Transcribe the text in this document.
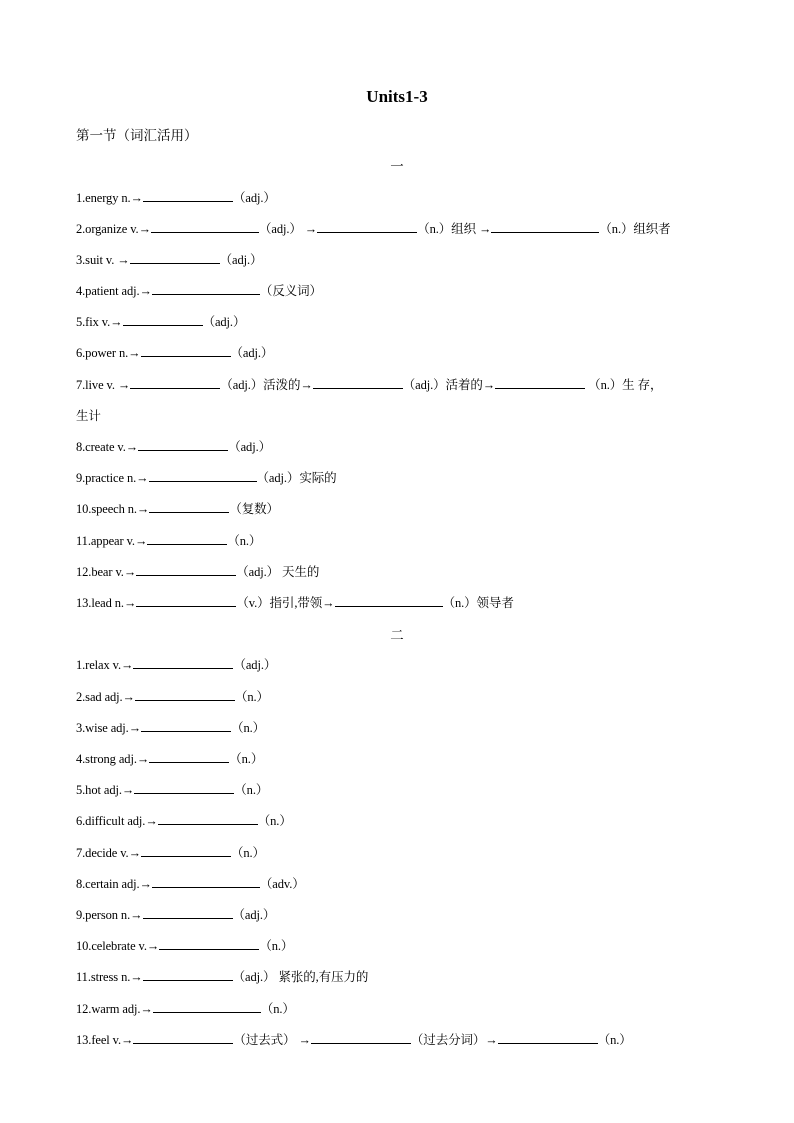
Units1-3
第一节（词汇活用）
一
1.energy n.→	（adj.）
2.organize v.→	（adj.） →	（n.）组织 →	（n.）组织者
3.suit v. →	（adj.）
4.patient adj.→	（反义词）
5.fix v.→	（adj.）
6.power n.→	（adj.）
7.live v. →	（adj.）活泼的→	（adj.）活着的→	（n.）生 存，
生计
8.create v.→	（adj.）
9.practice n.→	（adj.）实际的
10.speech n.→	（复数）
11.appear v.→	（n.）
12.bear v.→	（adj.） 天生的
13.lead n.→	（v.）指引,带领→	（n.）领导者
二
1.relax v.→	（adj.）
2.sad adj.→	（n.）
3.wise adj.→	（n.）
4.strong adj.→	（n.）
5.hot adj.→	（n.）
6.difficult adj.→	（n.）
7.decide v.→	（n.）
8.certain adj.→	（adv.）
9.person n.→	（adj.）
10.celebrate v.→	（n.）
11.stress n.→	（adj.） 紧张的,有压力的
12.warm adj.→	（n.）
13.feel v.→	（过去式） →	（过去分词）→	（n.）
